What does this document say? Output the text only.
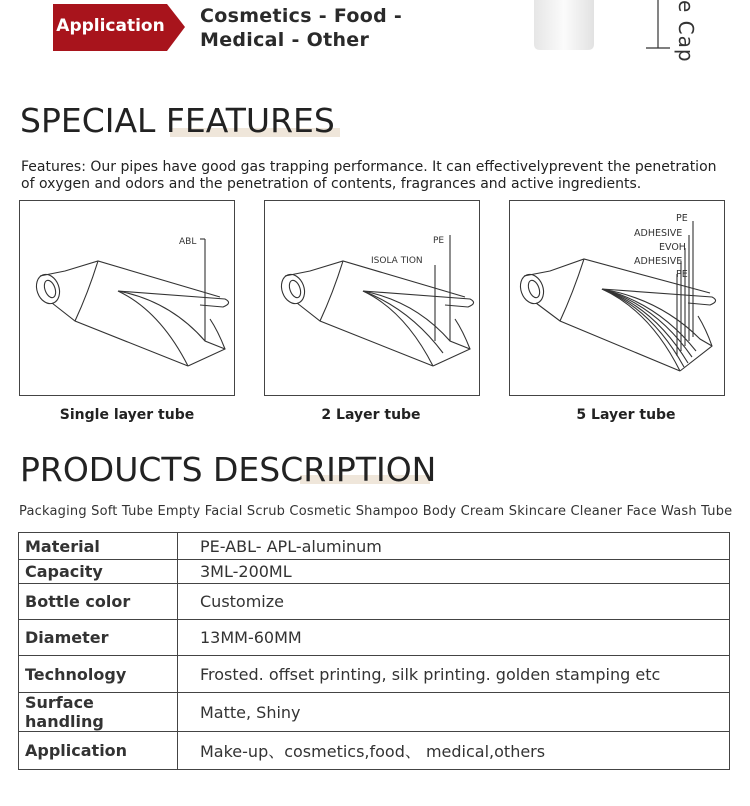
Application Cosmetics - Food -
Medical - Other	e Cap
SPECIAL FEATURES
Features: Our pipes have good gas trapping performance. It can effectivelyprevent the penetration of oxygen and odors and the penetration of contents, fragrances and active ingredients.
ABL
Single layer tube
PE
ISOLA TION
2 Layer tube
PE
ADHESIVE
EVOH
ADHESIVE
PE
5 Layer tube
PRODUCTS DESCRIPTION
Packaging Soft Tube Empty Facial Scrub Cosmetic Shampoo Body Cream Skincare Cleaner Face Wash Tube
Material	PE-ABL- APL-aluminum
Capacity	3ML-200ML
Bottle color	Customize
Diameter	13MM-60MM
Technology	Frosted. offset printing, silk printing. golden stamping etc
Surface handling	Matte, Shiny
Application	Make-up、cosmetics,food、 medical,others
